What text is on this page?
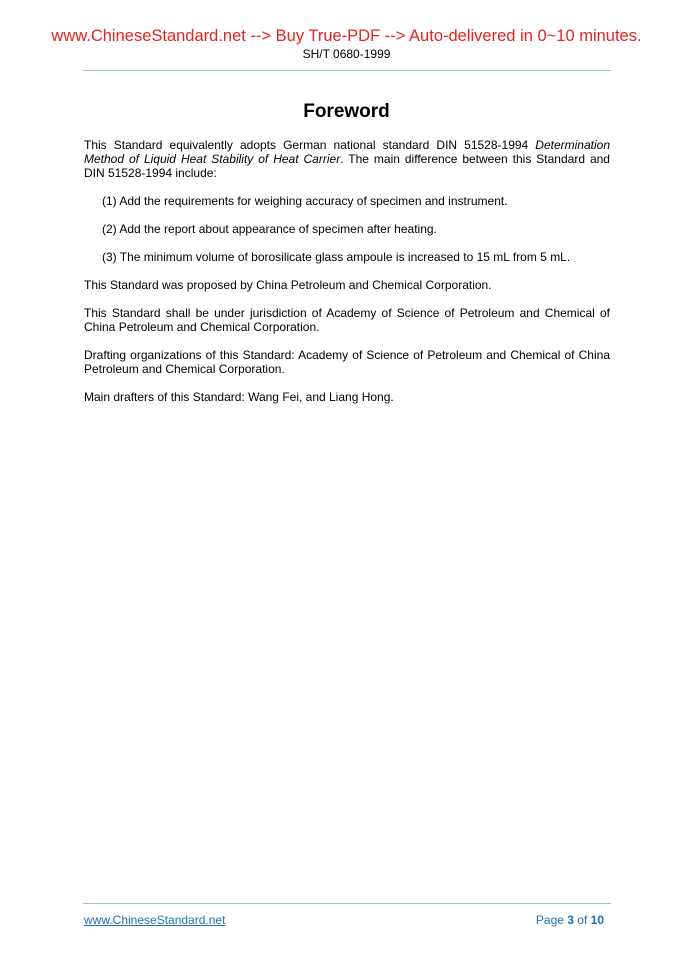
www.ChineseStandard.net --> Buy True-PDF --> Auto-delivered in 0~10 minutes.
SH/T 0680-1999
Foreword
This Standard equivalently adopts German national standard DIN 51528-1994 Determination Method of Liquid Heat Stability of Heat Carrier. The main difference between this Standard and DIN 51528-1994 include:
(1) Add the requirements for weighing accuracy of specimen and instrument.
(2) Add the report about appearance of specimen after heating.
(3) The minimum volume of borosilicate glass ampoule is increased to 15 mL from 5 mL.
This Standard was proposed by China Petroleum and Chemical Corporation.
This Standard shall be under jurisdiction of Academy of Science of Petroleum and Chemical of China Petroleum and Chemical Corporation.
Drafting organizations of this Standard: Academy of Science of Petroleum and Chemical of China Petroleum and Chemical Corporation.
Main drafters of this Standard: Wang Fei, and Liang Hong.
www.ChineseStandard.net	Page 3 of 10
